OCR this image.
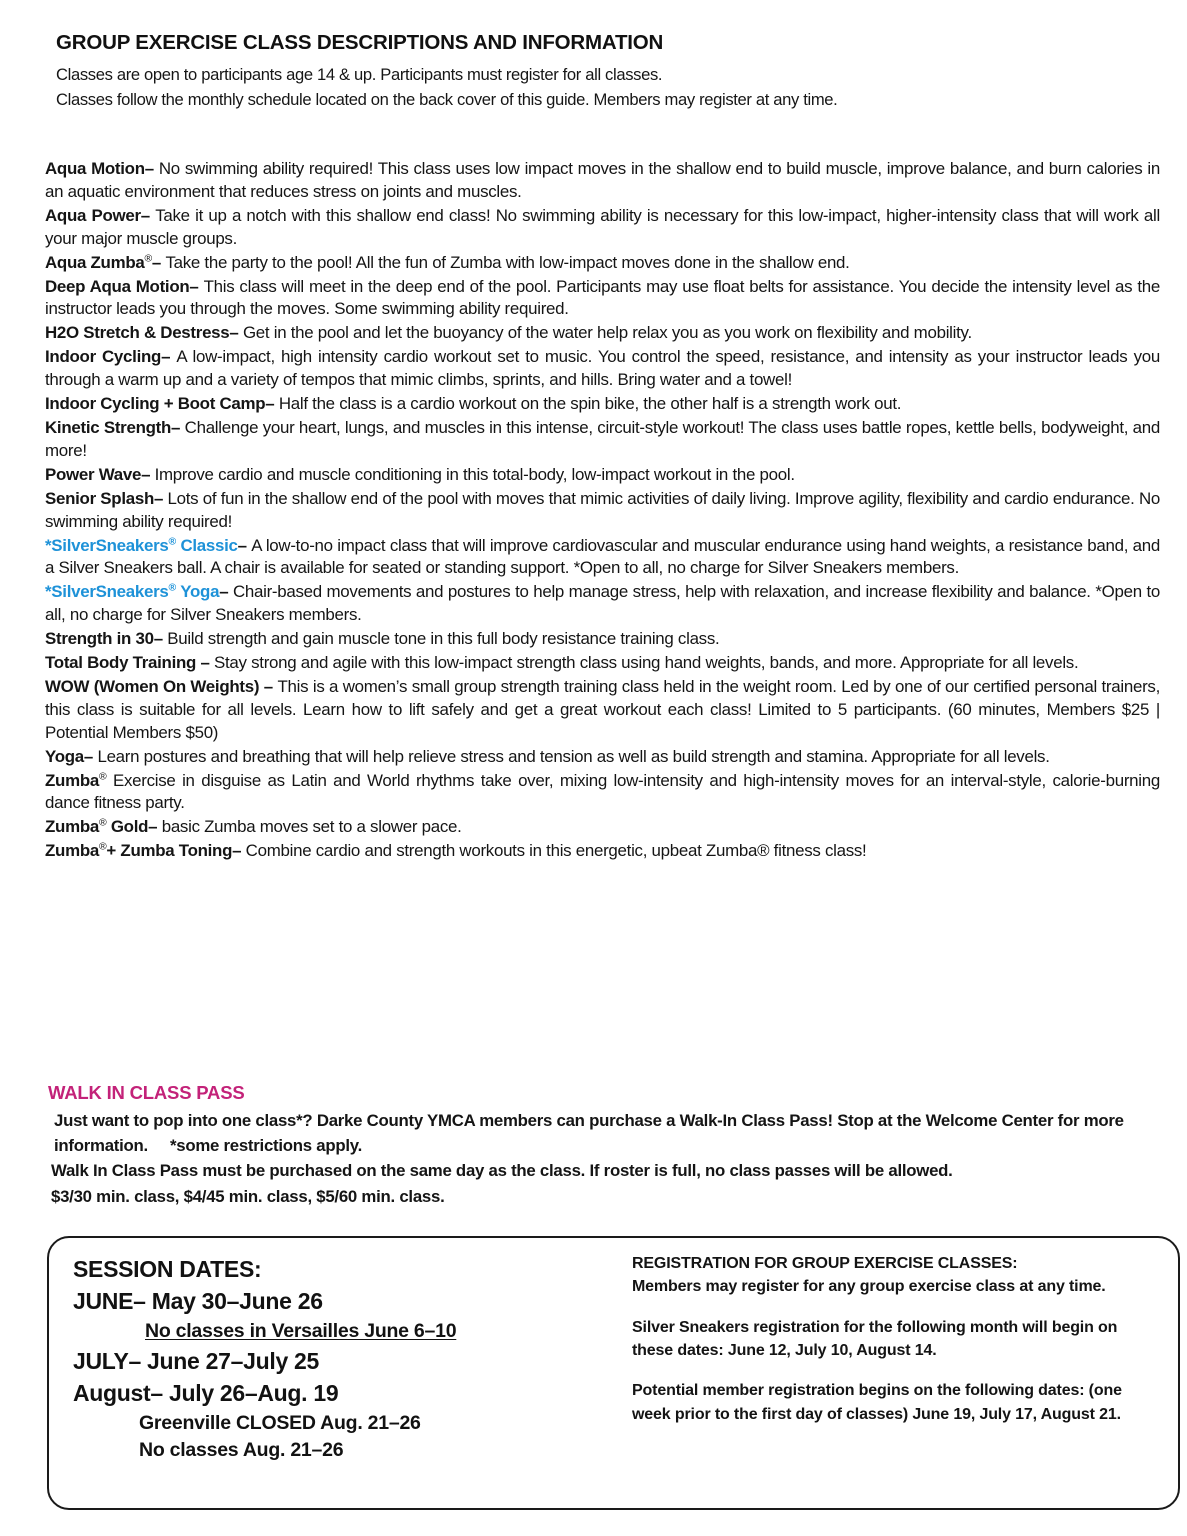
GROUP EXERCISE CLASS DESCRIPTIONS AND INFORMATION

Classes are open to participants age 14 & up. Participants must register for all classes.

Classes follow the monthly schedule located on the back cover of this guide. Members may register at any time.

Aqua Motion– No swimming ability required! This class uses low impact moves in the shallow end to build muscle, improve balance, and burn calories in an aquatic environment that reduces stress on joints and muscles.

Aqua Power– Take it up a notch with this shallow end class! No swimming ability is necessary for this low-impact, higher-intensity class that will work all your major muscle groups.

Aqua Zumba®– Take the party to the pool! All the fun of Zumba with low-impact moves done in the shallow end.

Deep Aqua Motion– This class will meet in the deep end of the pool. Participants may use float belts for assistance. You decide the intensity level as the instructor leads you through the moves. Some swimming ability required.

H2O Stretch & Destress– Get in the pool and let the buoyancy of the water help relax you as you work on flexibility and mobility.

Indoor Cycling– A low-impact, high intensity cardio workout set to music. You control the speed, resistance, and intensity as your instructor leads you through a warm up and a variety of tempos that mimic climbs, sprints, and hills. Bring water and a towel!

Indoor Cycling + Boot Camp– Half the class is a cardio workout on the spin bike, the other half is a strength work out.

Kinetic Strength– Challenge your heart, lungs, and muscles in this intense, circuit-style workout! The class uses battle ropes, kettle bells, bodyweight, and more!

Power Wave– Improve cardio and muscle conditioning in this total-body, low-impact workout in the pool.

Senior Splash– Lots of fun in the shallow end of the pool with moves that mimic activities of daily living. Improve agility, flexibility and cardio endurance. No swimming ability required!

*SilverSneakers® Classic– A low-to-no impact class that will improve cardiovascular and muscular endurance using hand weights, a resistance band, and a Silver Sneakers ball. A chair is available for seated or standing support. *Open to all, no charge for Silver Sneakers members.

*SilverSneakers® Yoga– Chair-based movements and postures to help manage stress, help with relaxation, and increase flexibility and balance. *Open to all, no charge for Silver Sneakers members.

Strength in 30– Build strength and gain muscle tone in this full body resistance training class.

Total Body Training – Stay strong and agile with this low-impact strength class using hand weights, bands, and more. Appropriate for all levels.

WOW (Women On Weights) – This is a women’s small group strength training class held in the weight room. Led by one of our certified personal trainers, this class is suitable for all levels. Learn how to lift safely and get a great workout each class! Limited to 5 participants. (60 minutes, Members $25 | Potential Members $50)

Yoga– Learn postures and breathing that will help relieve stress and tension as well as build strength and stamina. Appropriate for all levels.

Zumba® Exercise in disguise as Latin and World rhythms take over, mixing low-intensity and high-intensity moves for an interval-style, calorie-burning dance fitness party.

Zumba® Gold– basic Zumba moves set to a slower pace.

Zumba®+ Zumba Toning– Combine cardio and strength workouts in this energetic, upbeat Zumba® fitness class!

WALK IN CLASS PASS

Just want to pop into one class*? Darke County YMCA members can purchase a Walk-In Class Pass! Stop at the Welcome Center for more information. *some restrictions apply.

Walk In Class Pass must be purchased on the same day as the class. If roster is full, no class passes will be allowed.

$3/30 min. class, $4/45 min. class, $5/60 min. class.

SESSION DATES:

JUNE– May 30–June 26

No classes in Versailles June 6–10

JULY– June 27–July 25

August– July 26–Aug. 19

Greenville CLOSED Aug. 21–26

No classes Aug. 21–26

REGISTRATION FOR GROUP EXERCISE CLASSES:

Members may register for any group exercise class at any time.

Silver Sneakers registration for the following month will begin on these dates: June 12, July 10, August 14.

Potential member registration begins on the following dates: (one week prior to the first day of classes) June 19, July 17, August 21.
